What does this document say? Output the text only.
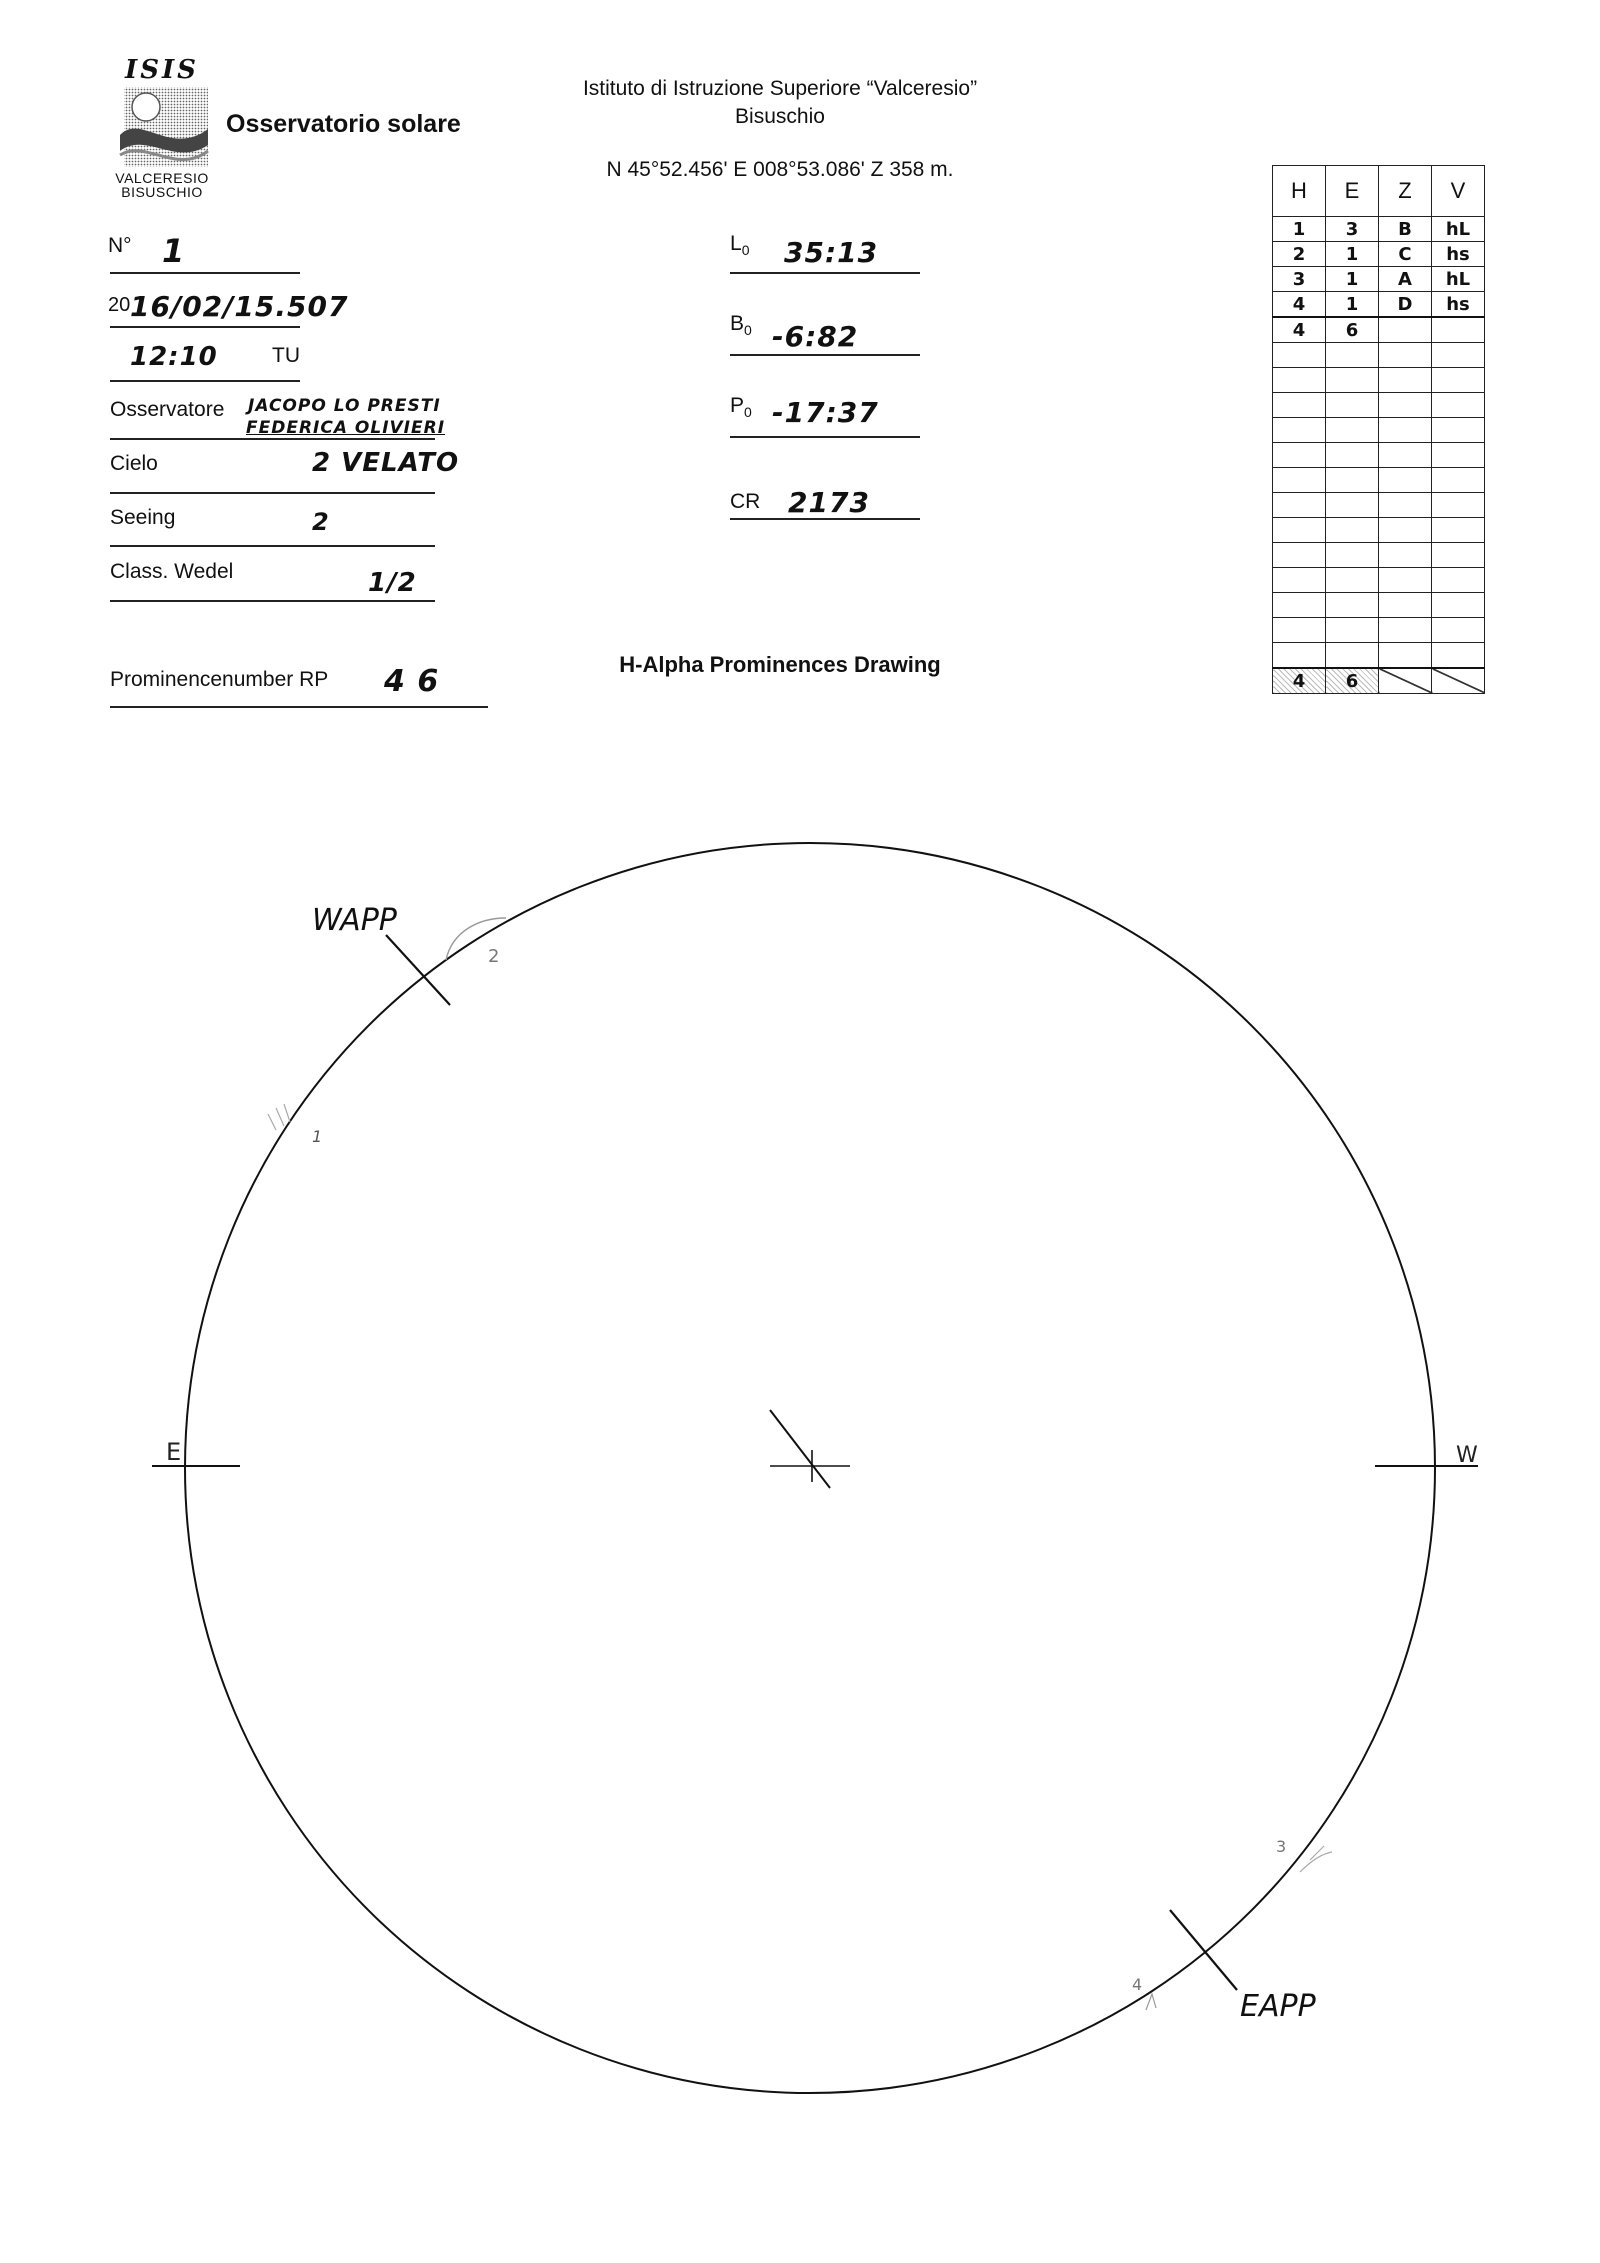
ISIS
VALCERESIO
BISUSCHIO
Osservatorio solare
Istituto di Istruzione Superiore “Valceresio”
Bisuschio
N 45°52.456' E 008°53.086' Z 358 m.
N° 1
20 16/02/15.507
12:10	TU
Osservatore JACOPO LO PRESTI
FEDERICA OLIVIERI
Cielo	2 VELATO
Seeing	2
Class. Wedel	1/2
Prominencenumber RP 4 6
$L_0$ 35:13
$B_0$ -6:82
$P_0$ -17:37
CR 2173
H-Alpha Prominences Drawing
H	E	Z	V
1	3	B	hL
2	1	C	hs
3	1	A	hL
4	1	D	hs
4	6		

4	6		
E	W
WAPP
EAPP
2
1
3
4
